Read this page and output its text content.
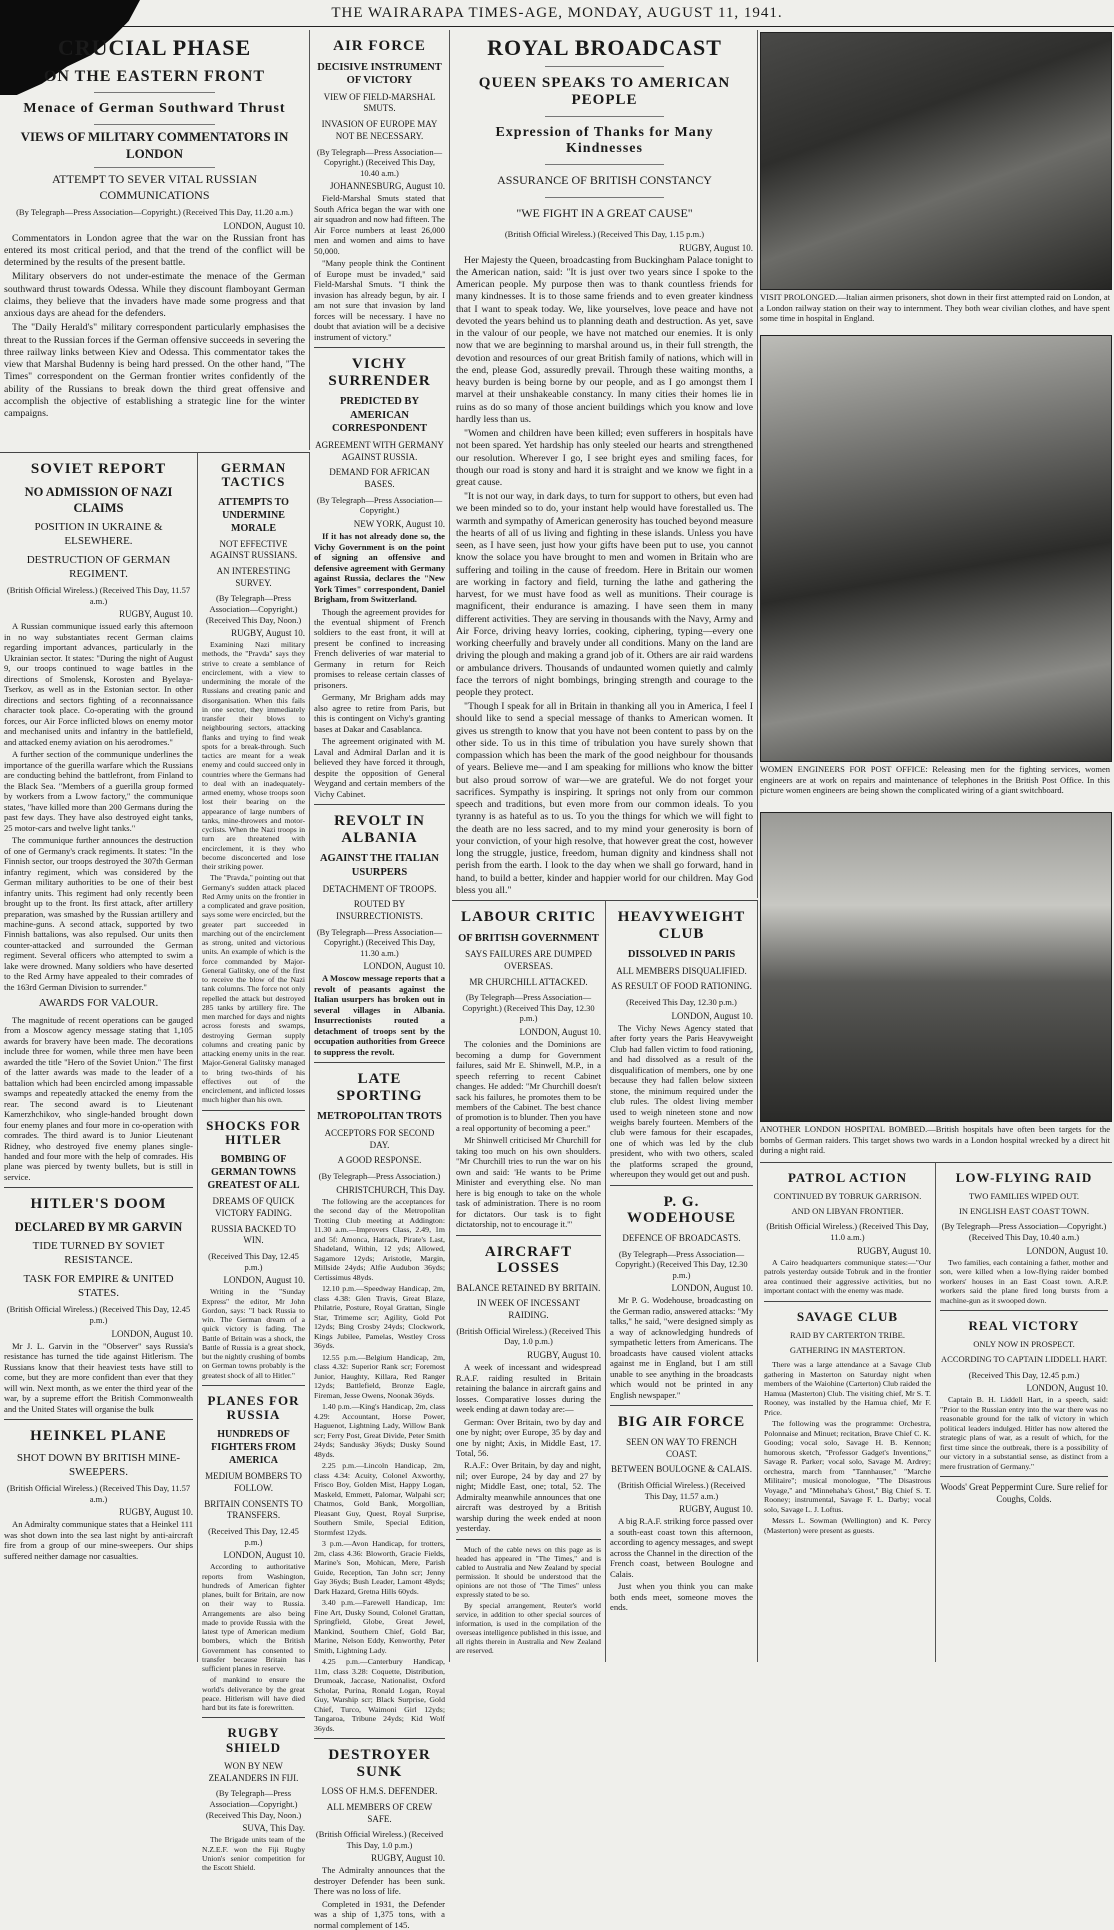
THE WAIRARAPA TIMES-AGE, MONDAY, AUGUST 11, 1941.
CRUCIAL PHASE
ON THE EASTERN FRONT
Menace of German Southward Thrust
VIEWS OF MILITARY COMMENTATORS IN LONDON
ATTEMPT TO SEVER VITAL RUSSIAN COMMUNICATIONS
(By Telegraph—Press Association—Copyright.) (Received This Day, 11.20 a.m.)
LONDON, August 10.

Commentators in London agree that the war on the Russian front has entered its most critical period, and that the trend of the conflict will be determined by the results of the present battle.

Military observers do not under-estimate the menace of the German southward thrust towards Odessa. While they discount flamboyant German claims, they believe that the invaders have made some progress and that anxious days are ahead for the defenders.

The "Daily Herald's" military correspondent particularly emphasises the threat to the Russian forces if the German offensive succeeds in severing the three railway links between Kiev and Odessa. This commentator takes the view that Marshal Budenny is being hard pressed. On the other hand, "The Times" correspondent on the German frontier writes confidently of the ability of the Russians to break down the third great offensive and accomplish the objective of establishing a strategic line for the winter campaigns.

SOVIET REPORT
NO ADMISSION OF NAZI CLAIMS
POSITION IN UKRAINE & ELSEWHERE.
DESTRUCTION OF GERMAN REGIMENT.
(British Official Wireless.) (Received This Day, 11.57 a.m.)
RUGBY, August 10.

A Russian communique issued early this afternoon in no way substantiates recent German claims regarding important advances, particularly in the Ukrainian sector. It states: "During the night of August 9, our troops continued to wage battles in the directions of Smolensk, Korosten and Byelaya-Tserkov, as well as in the Estonian sector. In other directions and sectors fighting of a reconnaissance character took place. Co-operating with the ground forces, our Air Force inflicted blows on enemy motor and mechanised units and infantry in the battlefield, and attacked enemy aviation on his aerodromes."

A further section of the communique underlines the importance of the guerilla warfare which the Russians are conducting behind the battlefront, from Finland to the Black Sea. "Members of a guerilla group formed by workers from a Lwow factory," the communique states, "have killed more than 200 Germans during the past few days. They have also destroyed eight tanks, 25 motor-cars and twelve light tanks."

The communique further announces the destruction of one of Germany's crack regiments. It states: "In the Finnish sector, our troops destroyed the 307th German infantry regiment, which was considered by the German military authorities to be one of their best infantry units. This regiment had only recently been brought up to the front. Its first attack, after artillery preparation, was smashed by the Russian artillery and machine-guns. A second attack, supported by two Finnish battalions, was also repulsed. Our units then counter-attacked and surrounded the German regiment. Several officers who attempted to swim a lake were drowned. Many soldiers who have deserted to the Red Army have appealed to their comrades of the 163rd German Division to surrender."

AWARDS FOR VALOUR.

The magnitude of recent operations can be gauged from a Moscow agency message stating that 1,105 awards for bravery have been made. The decorations include three for women, while three men have been awarded the title "Hero of the Soviet Union." The first of the latter awards was made to the leader of a battalion which had been encircled among impassable swamps and repeatedly attacked the enemy from the rear. The second award is to Lieutenant Kamerzhchikov, who single-handed brought down four enemy planes and four more in co-operation with comrades. The third award is to Junior Lieutenant Ridney, who destroyed five enemy planes single-handed and four more with the help of comrades. His plane was pierced by twenty bullets, but is still in service.

HITLER'S DOOM
DECLARED BY MR GARVIN
TIDE TURNED BY SOVIET RESISTANCE.
TASK FOR EMPIRE & UNITED STATES.
(British Official Wireless.) (Received This Day, 12.45 p.m.)
LONDON, August 10.

Mr J. L. Garvin in the "Observer" says Russia's resistance has turned the tide against Hitlerism. The Russians know that their heaviest tests have still to come, but they are more confident than ever that they will win. Next month, as we enter the third year of the war, by a supreme effort the British Commonwealth and the United States will organise the bulk

HEINKEL PLANE
SHOT DOWN BY BRITISH MINE-SWEEPERS.
(British Official Wireless.) (Received This Day, 11.57 a.m.)
RUGBY, August 10.

An Admiralty communique states that a Heinkel 111 was shot down into the sea last night by anti-aircraft fire from a group of our mine-sweepers. Our ships suffered neither damage nor casualties.

GERMAN TACTICS
ATTEMPTS TO UNDERMINE MORALE
NOT EFFECTIVE AGAINST RUSSIANS.
AN INTERESTING SURVEY.
(By Telegraph—Press Association—Copyright.) (Received This Day, Noon.)
RUGBY, August 10.

Examining Nazi military methods, the "Pravda" says they strive to create a semblance of encirclement, with a view to undermining the morale of the Russians and creating panic and disorganisation. When this fails in one sector, they immediately transfer their blows to neighbouring sectors, attacking flanks and trying to find weak spots for a break-through. Such tactics are meant for a weak enemy and could succeed only in countries where the Germans had to deal with an inadequately-armed enemy, whose troops soon lost their bearing on the appearance of large numbers of tanks, mine-throwers and motor-cyclists. When the Nazi troops in turn are threatened with encirclement, it is they who become disconcerted and lose their striking power.

The "Pravda," pointing out that Germany's sudden attack placed Red Army units on the frontier in a complicated and grave position, says some were encircled, but the greater part succeeded in marching out of the encirclement as strong, united and victorious units. An example of which is the force commanded by Major-General Galitsky, one of the first to receive the blow of the Nazi tank columns. The force not only repelled the attack but destroyed 285 tanks by artillery fire. The men marched for days and nights across forests and swamps, destroying German supply columns and creating panic by attacking enemy units in the rear. Major-General Galitsky managed to bring two-thirds of his effectives out of the encirclement, and inflicted losses much higher than his own.

SHOCKS FOR HITLER
BOMBING OF GERMAN TOWNS GREATEST OF ALL
DREAMS OF QUICK VICTORY FADING.
RUSSIA BACKED TO WIN.
(Received This Day, 12.45 p.m.)
LONDON, August 10.

Writing in the "Sunday Express" the editor, Mr John Gordon, says: "I back Russia to win. The German dream of a quick victory is fading. The Battle of Britain was a shock, the Battle of Russia is a great shock, but the nightly crushing of bombs on German towns probably is the greatest shock of all to Hitler."

PLANES FOR RUSSIA
HUNDREDS OF FIGHTERS FROM AMERICA
MEDIUM BOMBERS TO FOLLOW.
BRITAIN CONSENTS TO TRANSFERS.
(Received This Day, 12.45 p.m.)
LONDON, August 10.

According to authoritative reports from Washington, hundreds of American fighter planes, built for Britain, are now on their way to Russia. Arrangements are also being made to provide Russia with the latest type of American medium bombers, which the British Government has consented to transfer because Britain has sufficient planes in reserve.

of mankind to ensure the world's deliverance by the great peace. Hitlerism will have died hard but its fate is forewritten.

RUGBY SHIELD
WON BY NEW ZEALANDERS IN FIJI.
(By Telegraph—Press Association—Copyright.) (Received This Day, Noon.)
SUVA, This Day.

The Brigade units team of the N.Z.E.F. won the Fiji Rugby Union's senior competition for the Escott Shield.

AIR FORCE
DECISIVE INSTRUMENT OF VICTORY
VIEW OF FIELD-MARSHAL SMUTS.
INVASION OF EUROPE MAY NOT BE NECESSARY.
(By Telegraph—Press Association—Copyright.) (Received This Day, 10.40 a.m.)
JOHANNESBURG, August 10.

Field-Marshal Smuts stated that South Africa began the war with one air squadron and now had fifteen. The Air Force numbers at least 26,000 men and women and aims to have 50,000.

"Many people think the Continent of Europe must be invaded," said Field-Marshal Smuts. "I think the invasion has already begun, by air. I am not sure that invasion by land forces will be necessary. I have no doubt that aviation will be a decisive instrument of victory."

VICHY SURRENDER
PREDICTED BY AMERICAN CORRESPONDENT
AGREEMENT WITH GERMANY AGAINST RUSSIA.
DEMAND FOR AFRICAN BASES.
(By Telegraph—Press Association—Copyright.)
NEW YORK, August 10.

If it has not already done so, the Vichy Government is on the point of signing an offensive and defensive agreement with Germany against Russia, declares the "New York Times" correspondent, Daniel Brigham, from Switzerland.

Though the agreement provides for the eventual shipment of French soldiers to the east front, it will at present be confined to increasing French deliveries of war material to Germany in return for Reich promises to release certain classes of prisoners.

Germany, Mr Brigham adds may also agree to retire from Paris, but this is contingent on Vichy's granting bases at Dakar and Casablanca.

The agreement originated with M. Laval and Admiral Darlan and it is believed they have forced it through, despite the opposition of General Weygand and certain members of the Vichy Cabinet.

REVOLT IN ALBANIA
AGAINST THE ITALIAN USURPERS
DETACHMENT OF TROOPS.
ROUTED BY INSURRECTIONISTS.
(By Telegraph—Press Association—Copyright.) (Received This Day, 11.30 a.m.)
LONDON, August 10.

A Moscow message reports that a revolt of peasants against the Italian usurpers has broken out in several villages in Albania. Insurrectionists routed a detachment of troops sent by the occupation authorities from Greece to suppress the revolt.

LATE SPORTING
METROPOLITAN TROTS
ACCEPTORS FOR SECOND DAY.
A GOOD RESPONSE.
(By Telegraph—Press Association.)
CHRISTCHURCH, This Day.

The following are the acceptances for the second day of the Metropolitan Trotting Club meeting at Addington: 11.30 a.m.—Improvers Class, 2.49, 1m and 5f: Amonca, Hatrack, Pirate's Last, Shadeland, Within, 12 yds; Allowed, Sagamore 12yds; Aristotle, Margin, Millside 24yds; Alfie Audubon 36yds; Certissimus 48yds.

12.10 p.m.—Speedway Handicap, 2m, class 4.38: Glen Travis, Great Blaze, Philatrie, Posture, Royal Grattan, Single Star, Trimeme scr; Agility, Gold Pot 12yds; Bing Crosby 24yds; Clockwork, Kings Jubilee, Pamelas, Westley Cross 36yds.

12.55 p.m.—Belgium Handicap, 2m, class 4.32: Superior Rank scr; Foremost Junior, Haughty, Killara, Red Ranger 12yds; Battlefield, Bronze Eagle, Fireman, Jesse Owens, Noonak 36yds.

1.40 p.m.—King's Handicap, 2m, class 4.29: Accountant, Horse Power, Haguenot, Lightning Lady, Willow Bank scr; Ferry Post, Great Divide, Peter Smith 24yds; Sandusky 36yds; Dusky Sound 48yds.

2.25 p.m.—Lincoln Handicap, 2m, class 4.34: Acuity, Colonel Axworthy, Frisco Boy, Golden Mist, Happy Logan, Maskeld, Emmett, Palomar, Walpahi scr; Chatmos, Gold Bank, Morgollian, Pleasant Guy, Quest, Royal Surprise, Southern Smile, Special Edition, Stormfest 12yds.

3 p.m.—Avon Handicap, for trotters, 2m, class 4.36: Bloworth, Gracie Fields, Marine's Son, Mohican, Mere, Parish Guide, Reception, Tan John scr; Jenny Gay 36yds; Bush Leader, Lamont 48yds; Dark Hazard, Gretna Hills 60yds.

3.40 p.m.—Farewell Handicap, 1m: Fine Art, Dusky Sound, Colonel Grattan, Springfield, Globe, Great Jewel, Mankind, Southern Chief, Gold Bar, Marine, Nelson Eddy, Kenworthy, Peter Smith, Lightning Lady.

4.25 p.m.—Canterbury Handicap, 11m, class 3.28: Coquette, Distribution, Drumoak, Jaccase, Nationalist, Oxford Scholar, Purina, Ronald Logan, Royal Guy, Warship scr; Black Surprise, Gold Chief, Turco, Waimoni Girl 12yds; Tangaroa, Tribune 24yds; Kid Wolf 36yds.

DESTROYER SUNK
LOSS OF H.M.S. DEFENDER.
ALL MEMBERS OF CREW SAFE.
(British Official Wireless.) (Received This Day, 1.0 p.m.)
RUGBY, August 10.

The Admiralty announces that the destroyer Defender has been sunk. There was no loss of life.

Completed in 1931, the Defender was a ship of 1,375 tons, with a normal complement of 145.

ROYAL BROADCAST
QUEEN SPEAKS TO AMERICAN PEOPLE
Expression of Thanks for Many Kindnesses
ASSURANCE OF BRITISH CONSTANCY
"WE FIGHT IN A GREAT CAUSE"
(British Official Wireless.) (Received This Day, 1.15 p.m.)
RUGBY, August 10.

Her Majesty the Queen, broadcasting from Buckingham Palace tonight to the American nation, said: "It is just over two years since I spoke to the American people. My purpose then was to thank countless friends for many kindnesses. It is to those same friends and to even greater kindness that I want to speak today. We, like yourselves, love peace and have not devoted the years behind us to planning death and destruction. As yet, save in the valour of our people, we have not matched our enemies. It is only now that we are beginning to marshal around us, in their full strength, the devotion and resources of our great British family of nations, which will in the end, please God, assuredly prevail. Through these waiting months, a heavy burden is being borne by our people, and as I go amongst them I marvel at their unshakeable constancy. In many cities their homes lie in ruins as do so many of those ancient buildings which you know and love hardly less than us.

"Women and children have been killed; even sufferers in hospitals have not been spared. Yet hardship has only steeled our hearts and strengthened our resolution. Wherever I go, I see bright eyes and smiling faces, for though our road is stony and hard it is straight and we know we fight in a great cause.

"It is not our way, in dark days, to turn for support to others, but even had we been minded so to do, your instant help would have forestalled us. The warmth and sympathy of American generosity has touched beyond measure the hearts of all of us living and fighting in these islands. Unless you have seen, as I have seen, just how your gifts have been put to use, you cannot know the solace you have brought to men and women in Britain who are suffering and toiling in the cause of freedom. Here in Britain our women are working in factory and field, turning the lathe and gathering the harvest, for we must have food as well as munitions. Their courage is magnificent, their endurance is amazing. I have seen them in many different activities. They are serving in thousands with the Navy, Army and Air Force, driving heavy lorries, cooking, ciphering, typing—every one working cheerfully and bravely under all conditions. Many on the land are driving the plough and making a grand job of it. Others are air raid wardens or ambulance drivers. Thousands of undaunted women quietly and calmly face the terrors of night bombings, bringing strength and courage to the people they protect.

"Though I speak for all in Britain in thanking all you in America, I feel I should like to send a special message of thanks to American women. It gives us strength to know that you have not been content to pass by on the other side. To us in this time of tribulation you have surely shown that compassion which has been the mark of the good neighbour for thousands of years. Believe me—and I am speaking for millions who know the bitter but also proud sorrow of war—we are grateful. We do not forget your sacrifices. Sympathy is inspiring. It springs not only from our common speech and traditions, but even more from our common ideals. To you tyranny is as hateful as to us. To you the things for which we will fight to the death are no less sacred, and to my mind your generosity is born of your conviction, of your high resolve, that however great the cost, however long the struggle, justice, freedom, human dignity and kindness shall not perish from the earth. I look to the day when we shall go forward, hand in hand, to build a better, kinder and happier world for our children. May God bless you all."

LABOUR CRITIC
OF BRITISH GOVERNMENT
SAYS FAILURES ARE DUMPED OVERSEAS.
MR CHURCHILL ATTACKED.
(By Telegraph—Press Association—Copyright.) (Received This Day, 12.30 p.m.)
LONDON, August 10.

The colonies and the Dominions are becoming a dump for Government failures, said Mr E. Shinwell, M.P., in a speech referring to recent Cabinet changes. He added: "Mr Churchill doesn't sack his failures, he promotes them to be members of the Cabinet. The best chance of promotion is to blunder. Then you have a real opportunity of becoming a peer."

Mr Shinwell criticised Mr Churchill for taking too much on his own shoulders. "Mr Churchill tries to run the war on his own and said: 'He wants to be Prime Minister and everything else. No man here is big enough to take on the whole task of administration. There is no room for dictators. Our task is to fight dictatorship, not to encourage it.'"

AIRCRAFT LOSSES
BALANCE RETAINED BY BRITAIN.
IN WEEK OF INCESSANT RAIDING.
(British Official Wireless.) (Received This Day, 1.0 p.m.)
RUGBY, August 10.

A week of incessant and widespread R.A.F. raiding resulted in Britain retaining the balance in aircraft gains and losses. Comparative losses during the week ending at dawn today are:—

German: Over Britain, two by day and one by night; over Europe, 35 by day and one by night; Axis, in Middle East, 17. Total, 56.

R.A.F.: Over Britain, by day and night, nil; over Europe, 24 by day and 27 by night; Middle East, one; total, 52. The Admiralty meanwhile announces that one aircraft was destroyed by a British warship during the week ended at noon yesterday.

Much of the cable news on this page as is headed has appeared in "The Times," and is cabled to Australia and New Zealand by special permission. It should be understood that the opinions are not those of "The Times" unless expressly stated to be so.

By special arrangement, Reuter's world service, in addition to other special sources of information, is used in the compilation of the overseas intelligence published in this issue, and all rights therein in Australia and New Zealand are reserved.

HEAVYWEIGHT CLUB
DISSOLVED IN PARIS
ALL MEMBERS DISQUALIFIED.
AS RESULT OF FOOD RATIONING.
(Received This Day, 12.30 p.m.)
LONDON, August 10.

The Vichy News Agency stated that after forty years the Paris Heavyweight Club had fallen victim to food rationing, and had dissolved as a result of the disqualification of members, one by one because they had fallen below sixteen stone, the minimum required under the club rules. The oldest living member used to weigh nineteen stone and now weighs barely fourteen. Members of the club were famous for their escapades, one of which was led by the club president, who with two others, scaled the platforms scraped the ground, whereupon they would get out and push.

P. G. WODEHOUSE
DEFENCE OF BROADCASTS.
(By Telegraph—Press Association—Copyright.) (Received This Day, 12.30 p.m.)
LONDON, August 10.

Mr P. G. Wodehouse, broadcasting on the German radio, answered attacks: "My talks," he said, "were designed simply as a way of acknowledging hundreds of sympathetic letters from Americans. The broadcasts have caused violent attacks against me in England, but I am still unable to see anything in the broadcasts which would not be printed in any English newspaper."

BIG AIR FORCE
SEEN ON WAY TO FRENCH COAST.
BETWEEN BOULOGNE & CALAIS.
(British Official Wireless.) (Received This Day, 11.57 a.m.)
RUGBY, August 10.

A big R.A.F. striking force passed over a south-east coast town this afternoon, according to agency messages, and swept across the Channel in the direction of the French coast, between Boulogne and Calais.

Just when you think you can make both ends meet, someone moves the ends.

VISIT PROLONGED.—Italian airmen prisoners, shot down in their first attempted raid on London, at a London railway station on their way to internment. They both wear civilian clothes, and have spent some time in hospital in England.
WOMEN ENGINEERS FOR POST OFFICE: Releasing men for the fighting services, women engineers are at work on repairs and maintenance of telephones in the British Post Office. In this picture women engineers are being shown the complicated wiring of a giant switchboard.
ANOTHER LONDON HOSPITAL BOMBED.—British hospitals have often been targets for the bombs of German raiders. This target shows two wards in a London hospital wrecked by a direct hit during a night raid.
PATROL ACTION
CONTINUED BY TOBRUK GARRISON.
AND ON LIBYAN FRONTIER.
(British Official Wireless.) (Received This Day, 11.0 a.m.)
RUGBY, August 10.

A Cairo headquarters communique states:—"Our patrols yesterday outside Tobruk and in the frontier area continued their aggressive activities, but no important contact with the enemy was made.

SAVAGE CLUB
RAID BY CARTERTON TRIBE.
GATHERING IN MASTERTON.

There was a large attendance at a Savage Club gathering in Masterton on Saturday night when members of the Waiohine (Carterton) Club raided the Hamua (Masterton) Club. The visiting chief, Mr S. T. Rooney, was installed by the Hamua chief, Mr F. Price.

The following was the programme: Orchestra, Polonnaise and Minuet; recitation, Brave Chief C. K. Gooding; vocal solo, Savage H. B. Kennon; humorous sketch, "Professor Gadget's Inventions," Savage R. Parker; vocal solo, Savage M. Ardrey; orchestra, march from "Tannhauser," "Marche Militaire"; musical monologue, "The Disastrous Voyage," and "Minnehaha's Ghost," Big Chief S. T. Rooney; instrumental, Savage F. L. Darby; vocal solo, Savage L. J. Loftus.

Messrs L. Sowman (Wellington) and K. Percy (Masterton) were present as guests.

LOW-FLYING RAID
TWO FAMILIES WIPED OUT.
IN ENGLISH EAST COAST TOWN.
(By Telegraph—Press Association—Copyright.) (Received This Day, 10.40 a.m.)
LONDON, August 10.

Two families, each containing a father, mother and son, were killed when a low-flying raider bombed workers' houses in an East Coast town. A.R.P. workers said the plane fired long bursts from a machine-gun as it swooped down.

REAL VICTORY
ONLY NOW IN PROSPECT.
ACCORDING TO CAPTAIN LIDDELL HART.
(Received This Day, 12.45 p.m.)
LONDON, August 10.

Captain B. H. Liddell Hart, in a speech, said: "Prior to the Russian entry into the war there was no reasonable ground for the talk of victory in which political leaders indulged. Hitler has now altered the strategic plans of war, as a result of which, for the first time since the outbreak, there is a possibility of our victory in a substantial sense, as distinct from a mere frustration of Germany."

Woods' Great Peppermint Cure. Sure relief for Coughs, Colds.
